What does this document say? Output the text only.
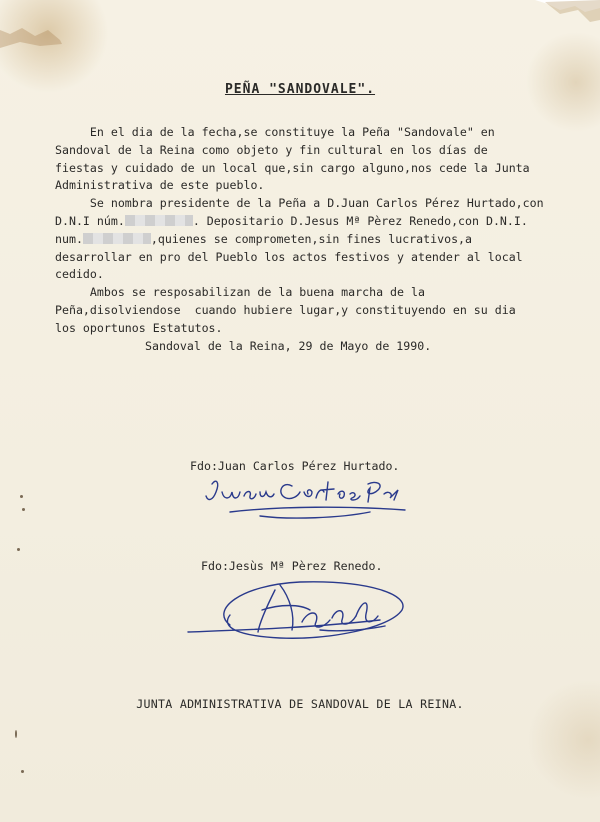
PEÑA "SANDOVALE".
En el dia de la fecha,se constituye la Peña "Sandovale" en
Sandoval de la Reina como objeto y fin cultural en los días de
fiestas y cuidado de un local que,sin cargo alguno,nos cede la Junta
Administrativa de este pueblo.
Se nombra presidente de la Peña a D.Juan Carlos Pérez Hurtado,con
D.N.I núm.	. Depositario D.Jesus Mª Pèrez Renedo,con D.N.I.
num.	,quienes se comprometen,sin fines lucrativos,a
desarrollar en pro del Pueblo los actos festivos y atender al local
cedido.
Ambos se resposabilizan de la buena marcha de la
Peña,disolviendose  cuando hubiere lugar,y constituyendo en su dia
los oportunos Estatutos.
Sandoval de la Reina, 29 de Mayo de 1990.
Fdo:Juan Carlos Pérez Hurtado.
Fdo:Jesùs Mª Pèrez Renedo.
JUNTA ADMINISTRATIVA DE SANDOVAL DE LA REINA.
